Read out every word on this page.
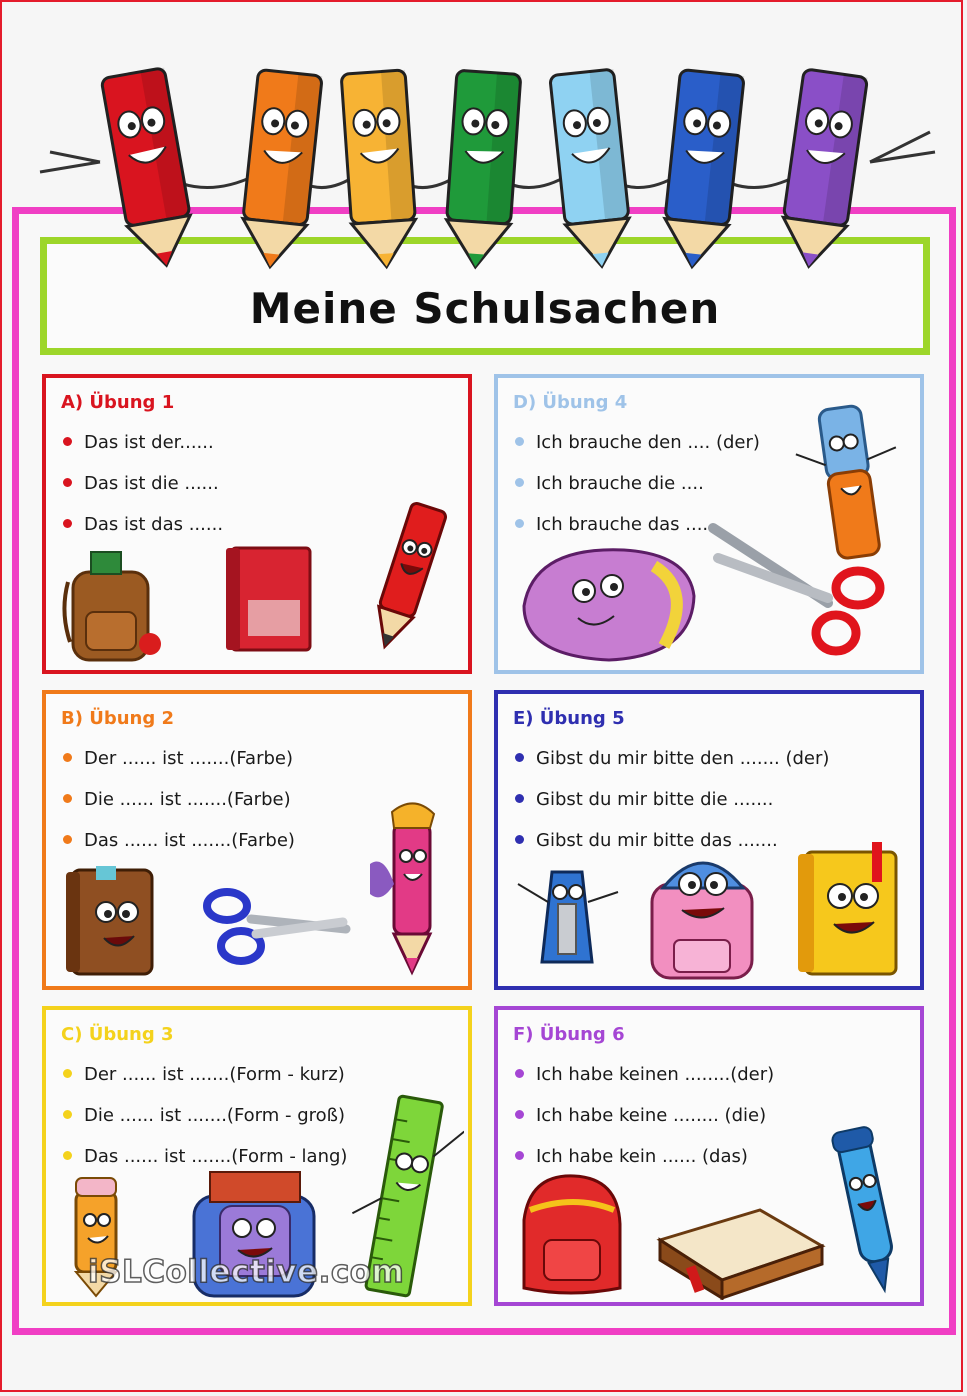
Meine Schulsachen
A) Übung 1
Das ist der......
Das ist die ......
Das ist das ......
D) Übung 4
Ich brauche den .... (der)
Ich brauche die ....
Ich brauche das ....
B) Übung 2
Der ...... ist .......(Farbe)
Die ...... ist .......(Farbe)
Das ...... ist .......(Farbe)
E) Übung 5
Gibst du mir bitte den ....... (der)
Gibst du mir bitte die .......
Gibst du mir bitte das .......
C) Übung 3
Der ...... ist .......(Form - kurz)
Die ...... ist .......(Form - groß)
Das ...... ist .......(Form - lang)
F) Übung 6
Ich habe keinen ........(der)
Ich habe keine ........ (die)
Ich habe kein ...... (das)
iSLCollective.com
